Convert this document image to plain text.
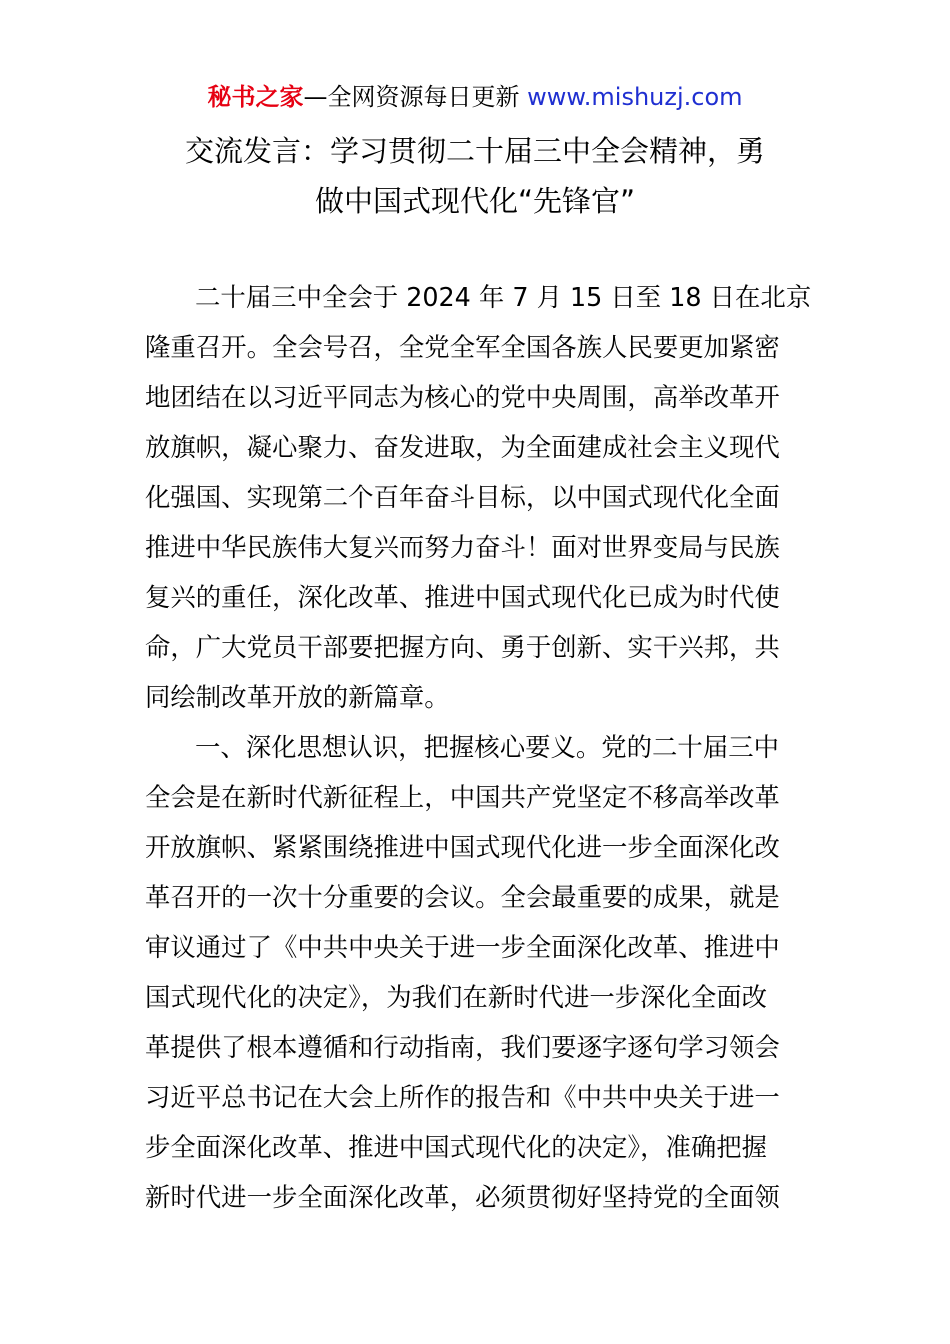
秘书之家—全网资源每日更新 www.mishuzj.com
交流发言：学习贯彻二十届三中全会精神，勇
做中国式现代化“先锋官”
二十届三中全会于 2024 年 7 月 15 日至 18 日在北京
隆重召开。全会号召，全党全军全国各族人民要更加紧密
地团结在以习近平同志为核心的党中央周围，高举改革开
放旗帜，凝心聚力、奋发进取，为全面建成社会主义现代
化强国、实现第二个百年奋斗目标，以中国式现代化全面
推进中华民族伟大复兴而努力奋斗！面对世界变局与民族
复兴的重任，深化改革、推进中国式现代化已成为时代使
命，广大党员干部要把握方向、勇于创新、实干兴邦，共
同绘制改革开放的新篇章。
一、深化思想认识，把握核心要义。党的二十届三中
全会是在新时代新征程上，中国共产党坚定不移高举改革
开放旗帜、紧紧围绕推进中国式现代化进一步全面深化改
革召开的一次十分重要的会议。全会最重要的成果，就是
审议通过了《中共中央关于进一步全面深化改革、推进中
国式现代化的决定》，为我们在新时代进一步深化全面改
革提供了根本遵循和行动指南，我们要逐字逐句学习领会
习近平总书记在大会上所作的报告和《中共中央关于进一
步全面深化改革、推进中国式现代化的决定》，准确把握
新时代进一步全面深化改革，必须贯彻好坚持党的全面领
